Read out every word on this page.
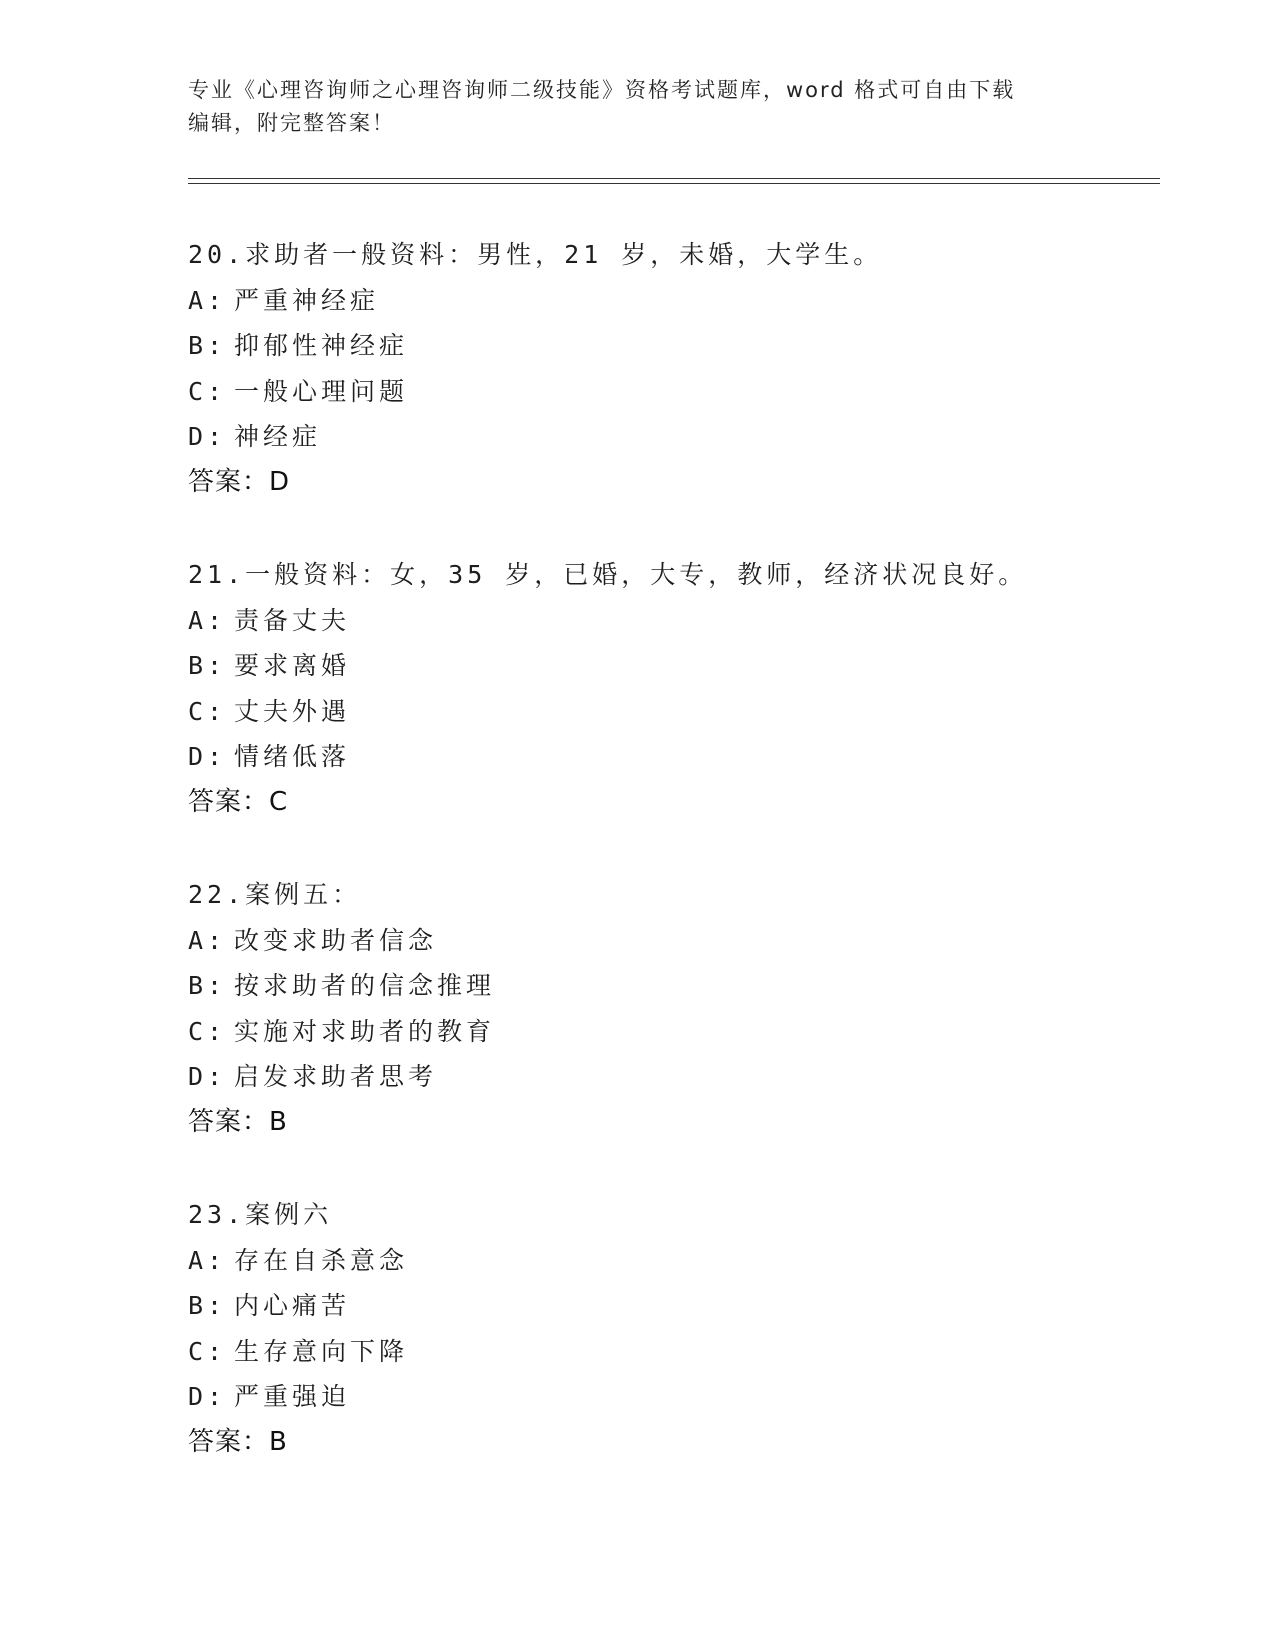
专业《心理咨询师之心理咨询师二级技能》资格考试题库，word 格式可自由下载
编辑，附完整答案！
20.求助者一般资料：男性，21 岁，未婚，大学生。
A: 严重神经症
B: 抑郁性神经症
C: 一般心理问题
D: 神经症
答案：D
21.一般资料：女，35 岁，已婚，大专，教师，经济状况良好。
A: 责备丈夫
B: 要求离婚
C: 丈夫外遇
D: 情绪低落
答案：C
22.案例五：
A: 改变求助者信念
B: 按求助者的信念推理
C: 实施对求助者的教育
D: 启发求助者思考
答案：B
23.案例六
A: 存在自杀意念
B: 内心痛苦
C: 生存意向下降
D: 严重强迫
答案：B
